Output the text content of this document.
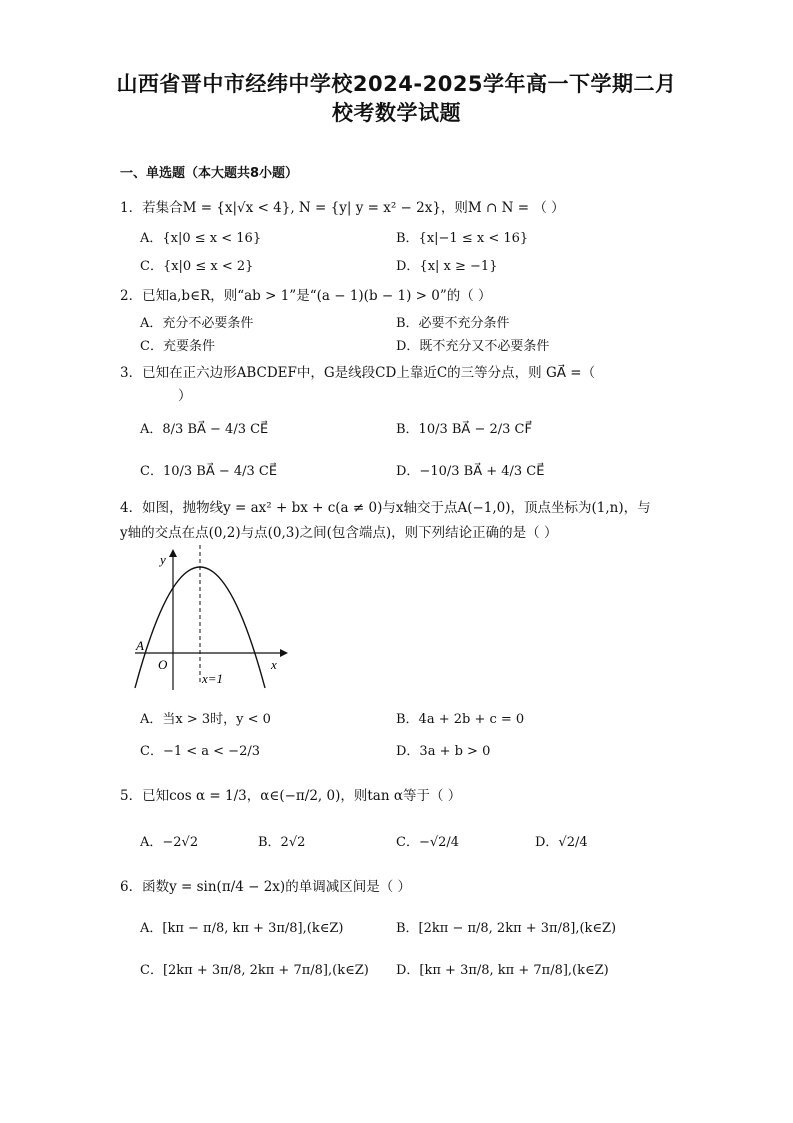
山西省晋中市经纬中学校2024-2025学年高一下学期二月
校考数学试题
一、单选题（本大题共8小题）
1．若集合M = {x|√x < 4}, N = {y| y = x² − 2x}，则M ∩ N = （ ）
A．{x|0 ≤ x < 16}	B．{x|−1 ≤ x < 16}
C．{x|0 ≤ x < 2}	D．{x| x ≥ −1}
2．已知a,b∈R，则“ab > 1”是“(a − 1)(b − 1) > 0”的（ ）
A．充分不必要条件	B．必要不充分条件
C．充要条件	D．既不充分又不必要条件
3．已知在正六边形ABCDEF中，G是线段CD上靠近C的三等分点，则 GA⃗ =（
）
A．8/3 BA⃗ − 4/3 CE⃗	B．10/3 BA⃗ − 2/3 CF⃗
C．10/3 BA⃗ − 4/3 CE⃗	D．−10/3 BA⃗ + 4/3 CE⃗
4．如图，抛物线y = ax² + bx + c(a ≠ 0)与x轴交于点A(−1,0)，顶点坐标为(1,n)，与
y轴的交点在点(0,2)与点(0,3)之间(包含端点)，则下列结论正确的是（ ）
y
x
A
O
x=1
A．当x > 3时，y < 0	B．4a + 2b + c = 0
C．−1 < a < −2/3	D．3a + b > 0
5．已知cos α = 1/3，α∈(−π/2, 0)，则tan α等于（ ）
A．−2√2	B．2√2	C．−√2/4	D．√2/4
6．函数y = sin(π/4 − 2x)的单调减区间是（ ）
A．[kπ − π/8, kπ + 3π/8],(k∈Z)	B．[2kπ − π/8, 2kπ + 3π/8],(k∈Z)
C．[2kπ + 3π/8, 2kπ + 7π/8],(k∈Z) D．[kπ + 3π/8, kπ + 7π/8],(k∈Z)
